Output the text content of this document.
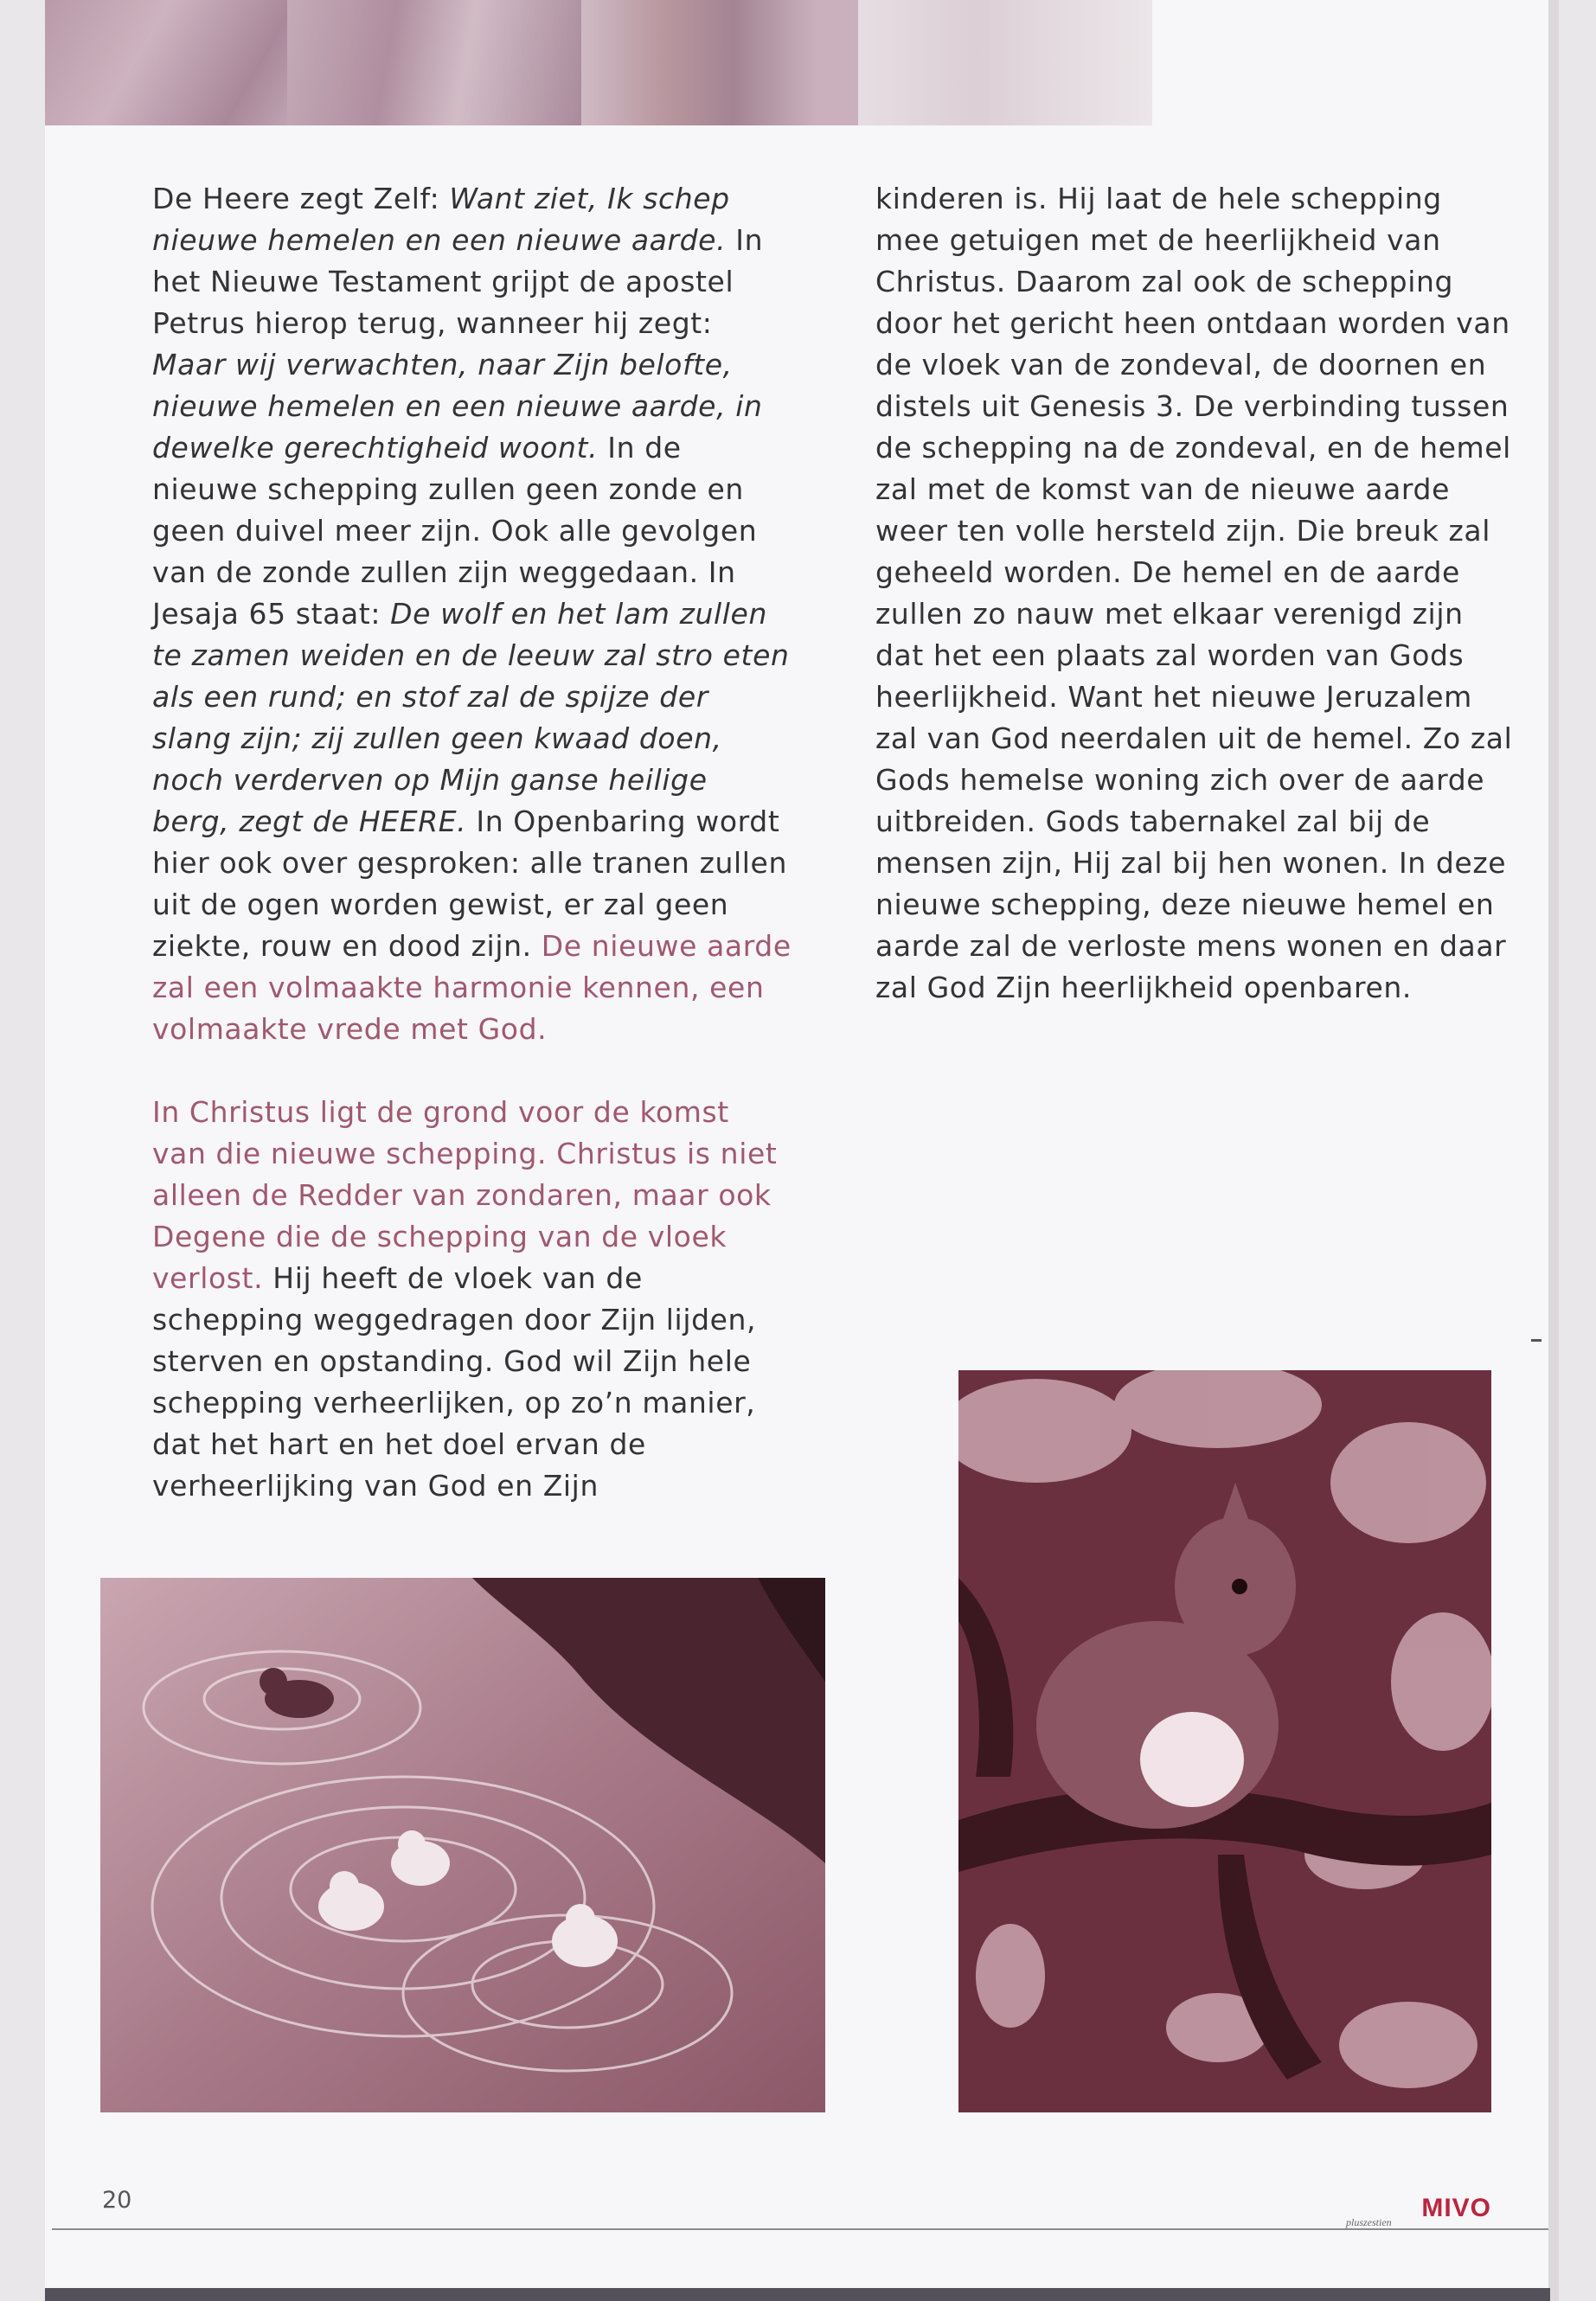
De Heere zegt Zelf: Want ziet, Ik schep nieuwe hemelen en een nieuwe aarde. In het Nieuwe Testament grijpt de apostel Petrus hierop terug, wanneer hij zegt: Maar wij verwachten, naar Zijn belofte, nieuwe hemelen en een nieuwe aarde, in dewelke gerechtigheid woont. In de nieuwe schepping zullen geen zonde en geen duivel meer zijn. Ook alle gevolgen van de zonde zullen zijn weggedaan. In Jesaja 65 staat: De wolf en het lam zullen te zamen weiden en de leeuw zal stro eten als een rund; en stof zal de spijze der slang zijn; zij zullen geen kwaad doen, noch verderven op Mijn ganse heilige berg, zegt de HEERE. In Openbaring wordt hier ook over gesproken: alle tranen zullen uit de ogen worden gewist, er zal geen ziekte, rouw en dood zijn. De nieuwe aarde zal een volmaakte harmonie kennen, een volmaakte vrede met God.

In Christus ligt de grond voor de komst van die nieuwe schepping. Christus is niet alleen de Redder van zondaren, maar ook Degene die de schepping van de vloek verlost. Hij heeft de vloek van de schepping weggedragen door Zijn lijden, sterven en opstanding. God wil Zijn hele schepping verheerlijken, op zo’n manier, dat het hart en het doel ervan de verheerlijking van God en Zijn

kinderen is. Hij laat de hele schepping mee getuigen met de heerlijkheid van Christus. Daarom zal ook de schepping door het gericht heen ontdaan worden van de vloek van de zondeval, de doornen en distels uit Genesis 3. De verbinding tussen de schepping na de zondeval, en de hemel zal met de komst van de nieuwe aarde weer ten volle hersteld zijn. Die breuk zal geheeld worden. De hemel en de aarde zullen zo nauw met elkaar verenigd zijn dat het een plaats zal worden van Gods heerlijkheid. Want het nieuwe Jeruzalem zal van God neerdalen uit de hemel. Zo zal Gods hemelse woning zich over de aarde uitbreiden. Gods tabernakel zal bij de mensen zijn, Hij zal bij hen wonen. In deze nieuwe schepping, deze nieuwe hemel en aarde zal de verloste mens wonen en daar zal God Zijn heerlijkheid openbaren.

20	MIVO
pluszestien
